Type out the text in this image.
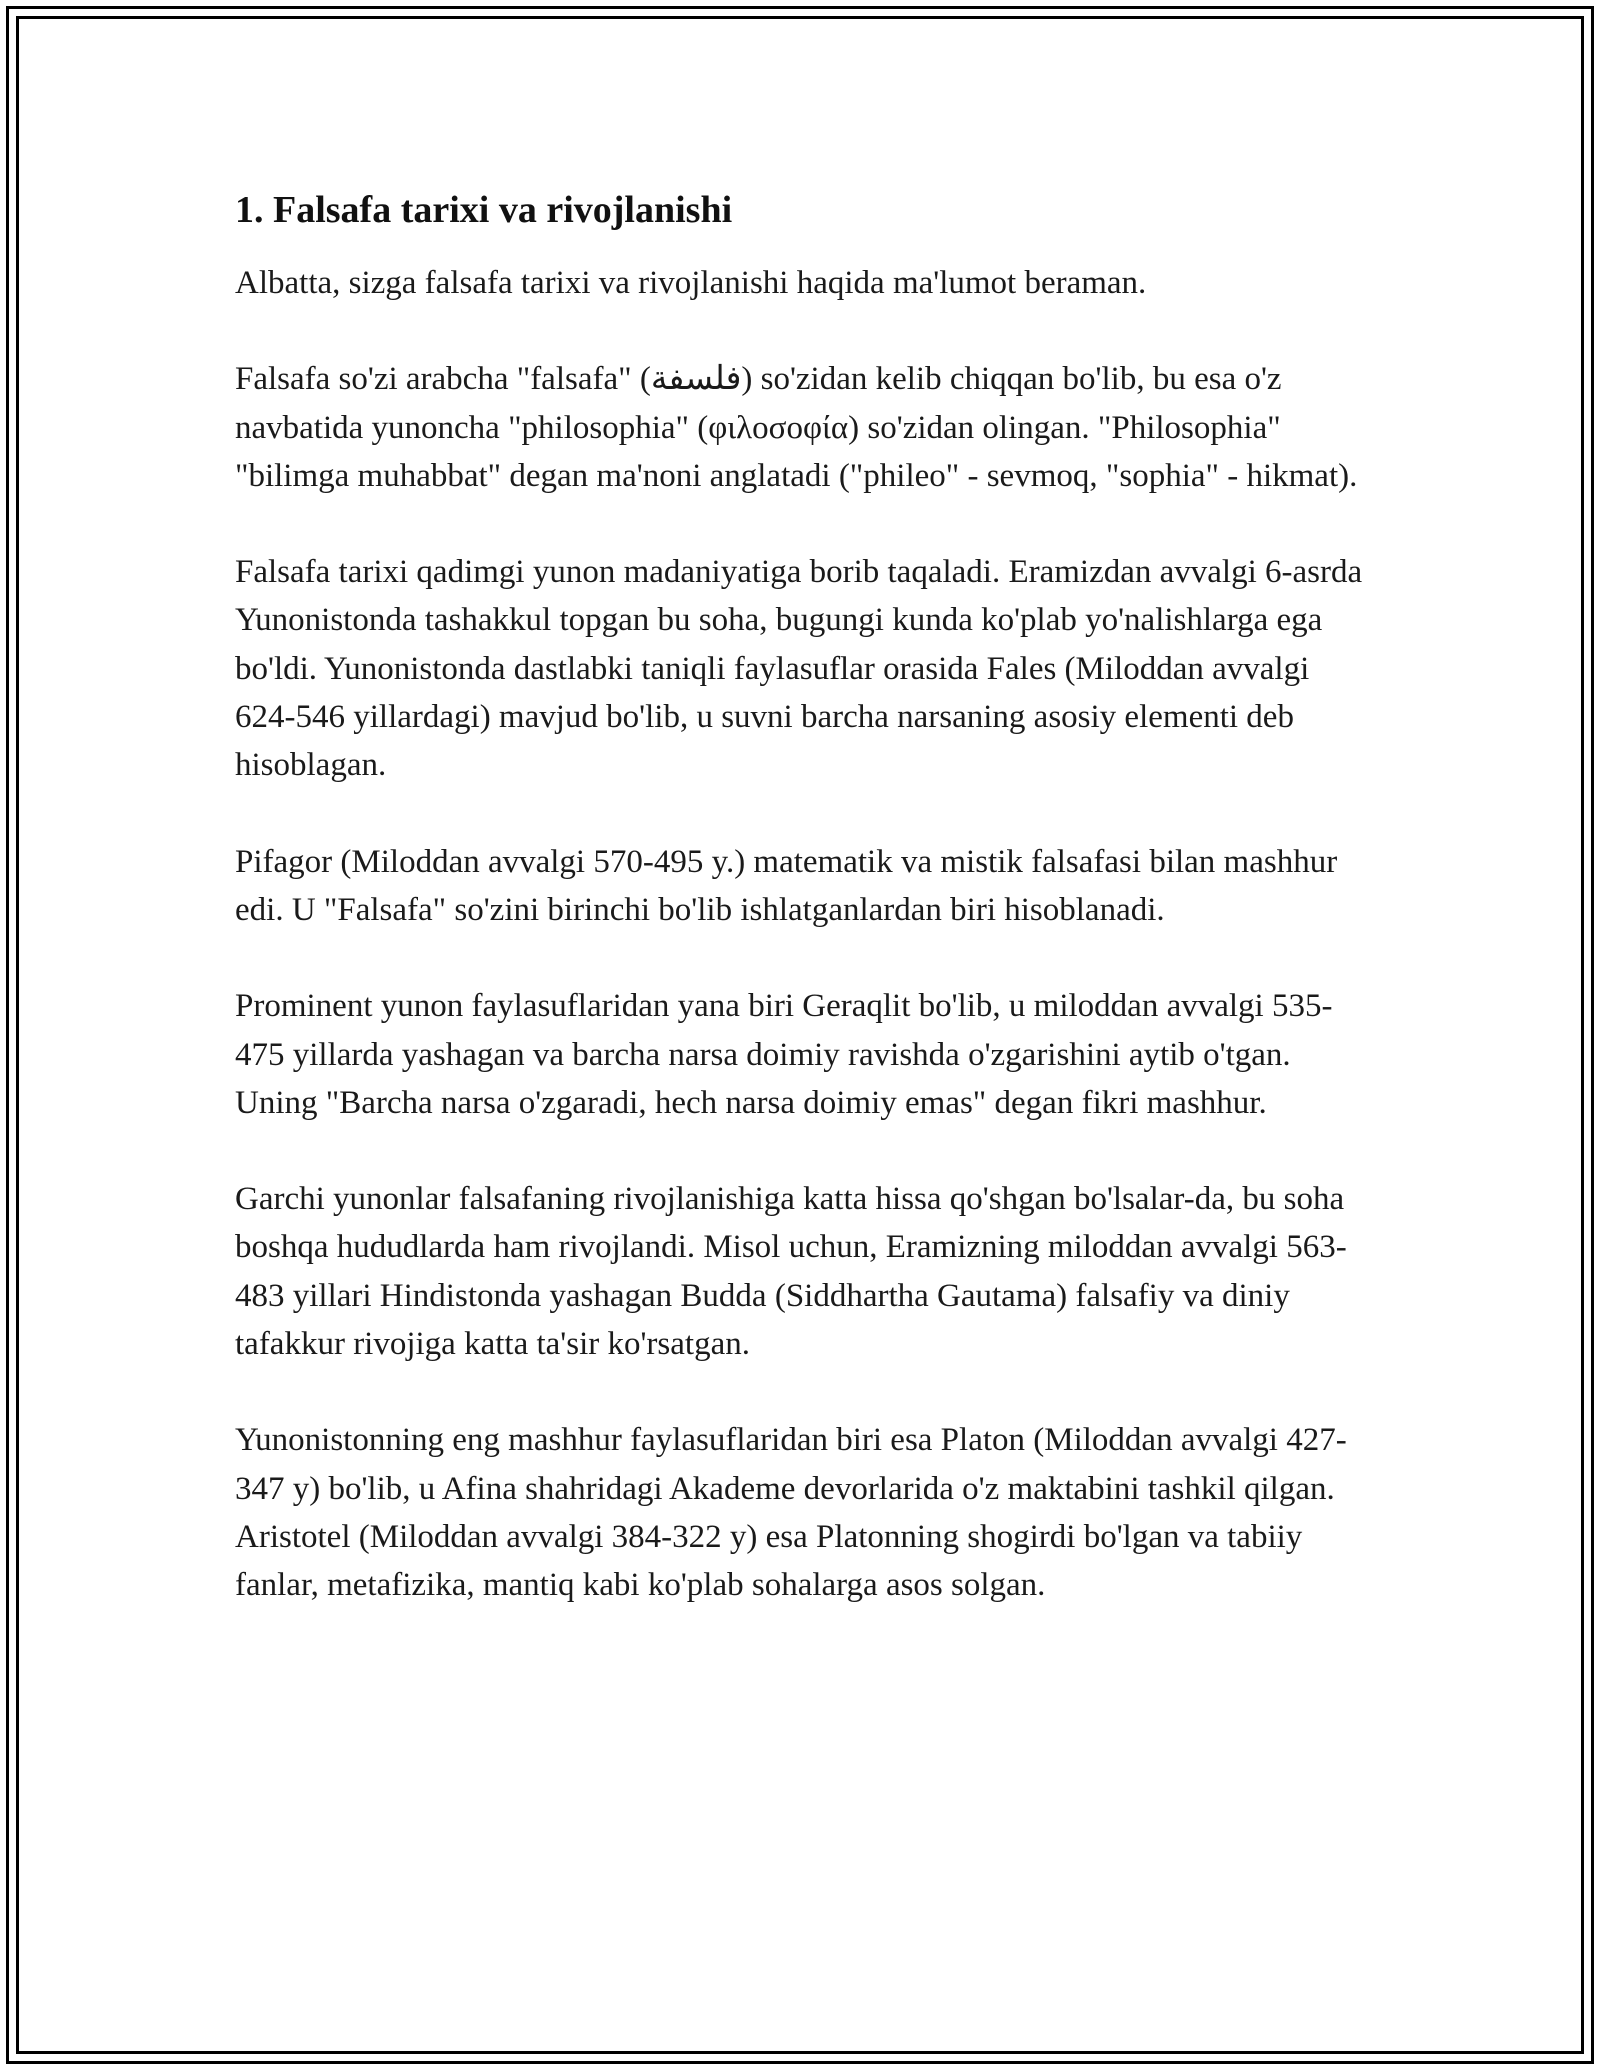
1. Falsafa tarixi va rivojlanishi

Albatta, sizga falsafa tarixi va rivojlanishi haqida ma'lumot beraman.

Falsafa so'zi arabcha "falsafa" (فلسفة) so'zidan kelib chiqqan bo'lib, bu esa o'z navbatida yunoncha "philosophia" (φιλοσοφία) so'zidan olingan. "Philosophia" "bilimga muhabbat" degan ma'noni anglatadi ("phileo" - sevmoq, "sophia" - hikmat).

Falsafa tarixi qadimgi yunon madaniyatiga borib taqaladi. Eramizdan avvalgi 6-asrda Yunonistonda tashakkul topgan bu soha, bugungi kunda ko'plab yo'nalishlarga ega bo'ldi. Yunonistonda dastlabki taniqli faylasuflar orasida Fales (Miloddan avvalgi 624-546 yillardagi) mavjud bo'lib, u suvni barcha narsaning asosiy elementi deb hisoblagan.

Pifagor (Miloddan avvalgi 570-495 y.) matematik va mistik falsafasi bilan mashhur edi. U "Falsafa" so'zini birinchi bo'lib ishlatganlardan biri hisoblanadi.

Prominent yunon faylasuflaridan yana biri Geraqlit bo'lib, u miloddan avvalgi 535-475 yillarda yashagan va barcha narsa doimiy ravishda o'zgarishini aytib o'tgan. Uning "Barcha narsa o'zgaradi, hech narsa doimiy emas" degan fikri mashhur.

Garchi yunonlar falsafaning rivojlanishiga katta hissa qo'shgan bo'lsalar-da, bu soha boshqa hududlarda ham rivojlandi. Misol uchun, Eramizning miloddan avvalgi 563-483 yillari Hindistonda yashagan Budda (Siddhartha Gautama) falsafiy va diniy tafakkur rivojiga katta ta'sir ko'rsatgan.

Yunonistonning eng mashhur faylasuflaridan biri esa Platon (Miloddan avvalgi 427-347 y) bo'lib, u Afina shahridagi Akademe devorlarida o'z maktabini tashkil qilgan. Aristotel (Miloddan avvalgi 384-322 y) esa Platonning shogirdi bo'lgan va tabiiy fanlar, metafizika, mantiq kabi ko'plab sohalarga asos solgan.
